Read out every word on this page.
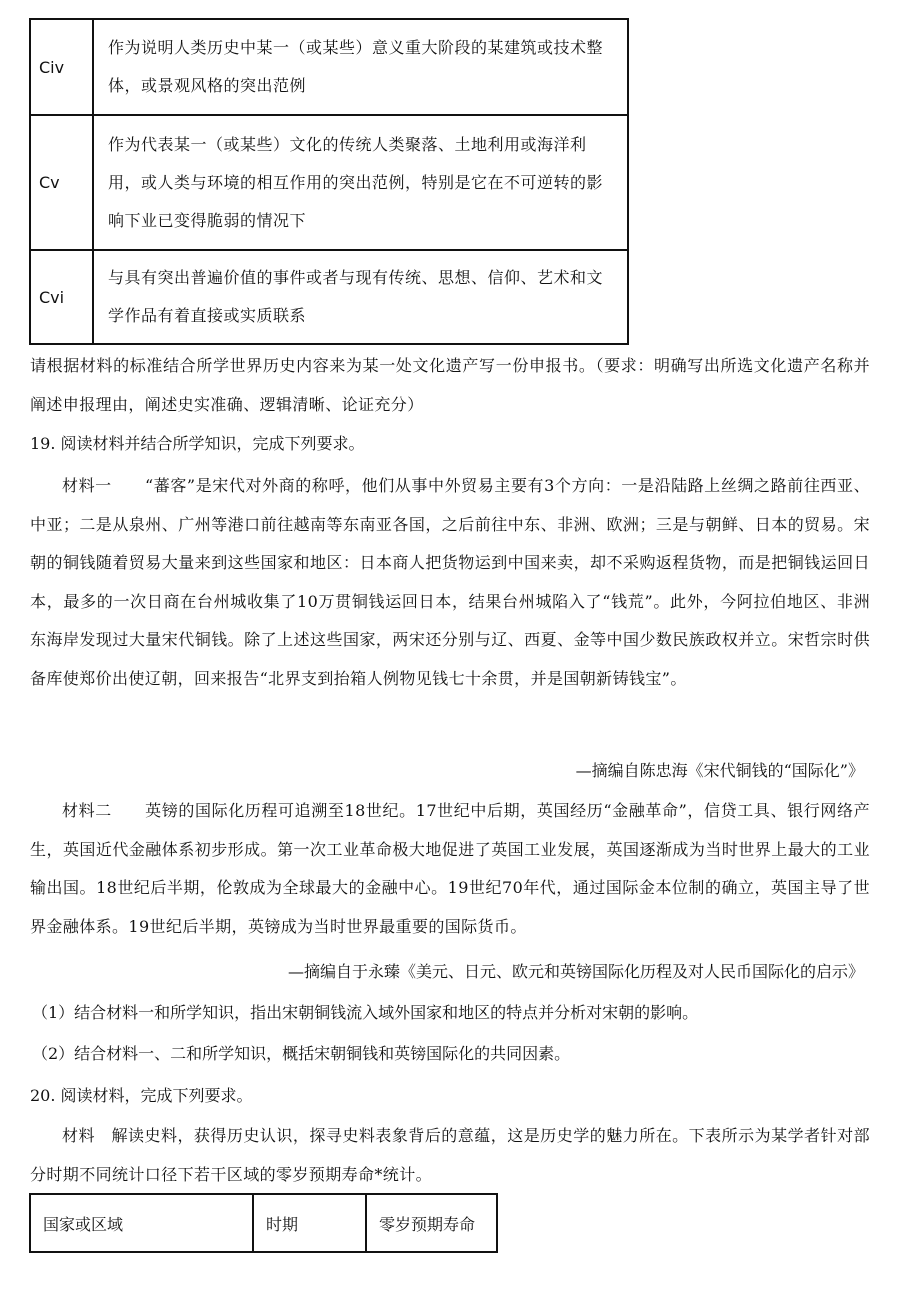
Civ	作为说明人类历史中某一（或某些）意义重大阶段的某建筑或技术整体，或景观风格的突出范例
Cv	作为代表某一（或某些）文化的传统人类聚落、土地利用或海洋利用，或人类与环境的相互作用的突出范例，特别是它在不可逆转的影响下业已变得脆弱的情况下
Cvi	与具有突出普遍价值的事件或者与现有传统、思想、信仰、艺术和文学作品有着直接或实质联系
请根据材料的标准结合所学世界历史内容来为某一处文化遗产写一份申报书。（要求：明确写出所选文化遗产名称并阐述申报理由，阐述史实准确、逻辑清晰、论证充分）
19. 阅读材料并结合所学知识，完成下列要求。
材料一　　“蕃客”是宋代对外商的称呼，他们从事中外贸易主要有3个方向：一是沿陆路上丝绸之路前往西亚、中亚；二是从泉州、广州等港口前往越南等东南亚各国，之后前往中东、非洲、欧洲；三是与朝鲜、日本的贸易。宋朝的铜钱随着贸易大量来到这些国家和地区：日本商人把货物运到中国来卖，却不采购返程货物，而是把铜钱运回日本，最多的一次日商在台州城收集了10万贯铜钱运回日本，结果台州城陷入了“钱荒”。此外，今阿拉伯地区、非洲东海岸发现过大量宋代铜钱。除了上述这些国家，两宋还分别与辽、西夏、金等中国少数民族政权并立。宋哲宗时供备库使郑价出使辽朝，回来报告“北界支到抬箱人例物见钱七十余贯，并是国朝新铸钱宝”。
—摘编自陈忠海《宋代铜钱的“国际化”》
材料二　　英镑的国际化历程可追溯至18世纪。17世纪中后期，英国经历“金融革命”，信贷工具、银行网络产生，英国近代金融体系初步形成。第一次工业革命极大地促进了英国工业发展，英国逐渐成为当时世界上最大的工业输出国。18世纪后半期，伦敦成为全球最大的金融中心。19世纪70年代，通过国际金本位制的确立，英国主导了世界金融体系。19世纪后半期，英镑成为当时世界最重要的国际货币。
—摘编自于永臻《美元、日元、欧元和英镑国际化历程及对人民币国际化的启示》
（1）结合材料一和所学知识，指出宋朝铜钱流入域外国家和地区的特点并分析对宋朝的影响。
（2）结合材料一、二和所学知识，概括宋朝铜钱和英镑国际化的共同因素。
20. 阅读材料，完成下列要求。
材料　解读史料，获得历史认识，探寻史料表象背后的意蕴，这是历史学的魅力所在。下表所示为某学者针对部分时期不同统计口径下若干区域的零岁预期寿命*统计。
国家或区域	时期	零岁预期寿命
